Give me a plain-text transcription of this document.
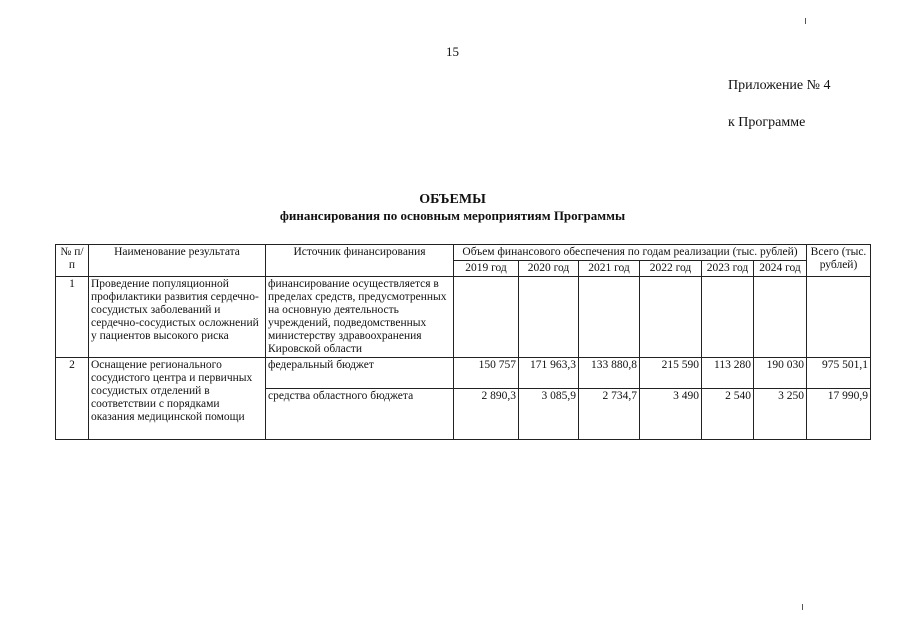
15
Приложение № 4
к Программе
ОБЪЕМЫ
финансирования по основным мероприятиям Программы
№ п/п	Наименование результата	Источник финансирования	Объем финансового обеспечения по годам реализации (тыс. рублей)						Всего (тыс. рублей)
			2019 год	2020 год	2021 год	2022 год	2023 год	2024 год	
1	Проведение популяционной профилактики развития сердечно-сосудистых заболеваний и сердечно-сосудистых осложнений у пациентов высокого риска	финансирование осуществляется в пределах средств, предусмотренных на основную деятельность учреждений, подведомственных министерству здравоохранения Кировской области							
2	Оснащение регионального сосудистого центра и первичных сосудистых отделений в соответствии с порядками оказания медицинской помощи	федеральный бюджет	150 757	171 963,3	133 880,8	215 590	113 280	190 030	975 501,1
		средства областного бюджета	2 890,3	3 085,9	2 734,7	3 490	2 540	3 250	17 990,9
